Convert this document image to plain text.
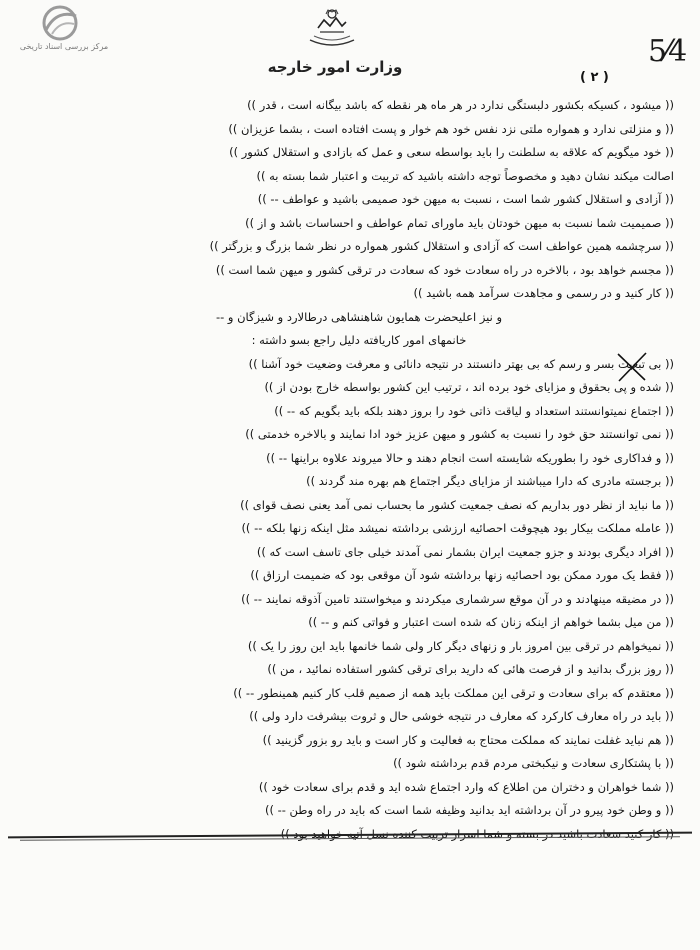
مرکز بررسی اسناد تاریخی
وزارت امور خارجه
( ۲ )
5⁄4
(( میشود ، کسیکه بکشور دلبستگی ندارد در هر ماه هر نقطه که باشد بیگانه است ، قدر ))
(( و منزلتی ندارد و همواره ملتی نزد نفس خود هم خوار و پست افتاده است ، بشما عزیزان ))
(( خود میگویم که علاقه به سلطنت را باید بواسطه سعی و عمل که بازادی و استقلال کشور ))
اصالت میکند نشان دهید و مخصوصاً توجه داشته باشید که تربیت و اعتبار شما بسته به ))
(( آزادی و استقلال کشور شما است ، نسبت به میهن خود صمیمی باشید و عواطف -- ))
(( صمیمیت شما نسبت به میهن خودتان باید ماورای تمام عواطف و احساسات باشد و از ))
(( سرچشمه همین عواطف است که آزادی و استقلال کشور همواره در نظر شما بزرگ و بزرگتر ))
(( مجسم خواهد بود ، بالاخره در راه سعادت خود که سعادت در ترقی کشور و میهن شما است ))
(( کار کنید و در رسمی و مجاهدت سرآمد همه باشید ))
و نیز اعلیحضرت همایون شاهنشاهی درطالارد و شیزگان و --
خانمهای امور کاریافته دلیل راجع بسو داشته :
(( بی تبعیت بسر و رسم که بی بهتر دانستند در نتیجه دانائی و معرفت وضعیت خود آشنا ))
(( شده و پی بحقوق و مزایای خود برده اند ، ترتیب این کشور بواسطه خارج بودن از ))
(( اجتماع نمیتوانستند استعداد و لیاقت ذاتی خود را بروز دهند بلکه باید بگویم که -- ))
(( نمی توانستند حق خود را نسبت به کشور و میهن عزیز خود ادا نمایند و بالاخره خدمتی ))
(( و فداکاری خود را بطوریکه شایسته است انجام دهند و حالا میروند علاوه براینها -- ))
(( برجسته مادری که دارا میباشند از مزایای دیگر اجتماع هم بهره مند گردند ))
(( ما نباید از نظر دور بداریم که نصف جمعیت کشور ما بحساب نمی آمد یعنی نصف قوای ))
(( عامله مملکت بیکار بود هیچوقت احصائیه ارزشی برداشته نمیشد مثل اینکه زنها بلکه -- ))
(( افراد دیگری بودند و جزو جمعیت ایران بشمار نمی آمدند خیلی جای تاسف است که ))
(( فقط یک مورد ممکن بود احصائیه زنها برداشته شود آن موقعی بود که ضمیمت ارزاق ))
(( در مضیقه مینهادند و در آن موقع سرشماری میکردند و میخواستند تامین آذوقه نمایند -- ))
(( من میل بشما خواهم از اینکه زنان که شده است اعتبار و فواتی کنم و -- ))
(( نمیخواهم در ترقی بین امروز بار و زنهای دیگر کار ولی شما خانمها باید این روز را یک ))
(( روز بزرگ بدانید و از فرصت هائی که دارید برای ترقی کشور استفاده نمائید ، من ))
(( معتقدم که برای سعادت و ترقی این مملکت باید همه از صمیم قلب کار کنیم همینطور -- ))
(( باید در راه معارف کارکرد که معارف در نتیجه خوشی حال و ثروت بیشرفت دارد ولی ))
(( هم نباید غفلت نمایند که مملکت محتاج به فعالیت و کار است و باید رو بزور گزینید ))
(( با پشتکاری سعادت و نیکبختی مردم قدم برداشته شود ))
(( شما خواهران و دختران من اطلاع که وارد اجتماع شده اید و قدم برای سعادت خود ))
(( و وطن خود پیرو در آن برداشته اید بدانید وظیفه شما است که باید در راه وطن -- ))
(( کار کنید سعادت باشید در بسته و شما اسرار تربیت کننده نسل آتیه خواهید بود ))
